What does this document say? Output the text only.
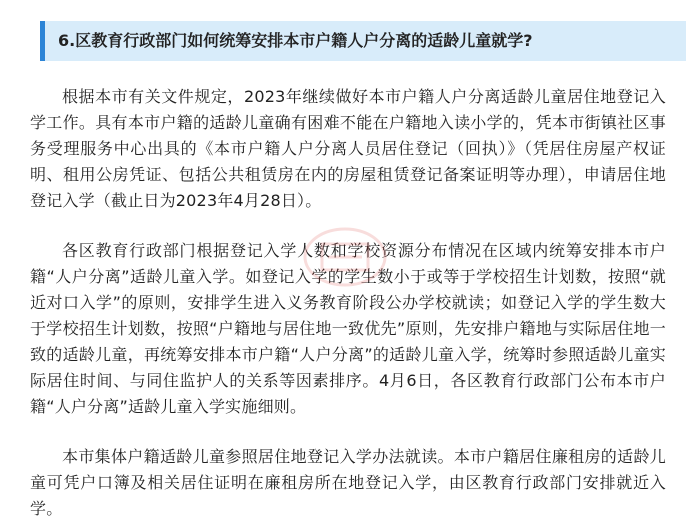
6.区教育行政部门如何统筹安排本市户籍人户分离的适龄儿童就学?

根据本市有关文件规定，2023年继续做好本市户籍人户分离适龄儿童居住地登记入学工作。具有本市户籍的适龄儿童确有困难不能在户籍地入读小学的，凭本市街镇社区事务受理服务中心出具的《本市户籍人户分离人员居住登记（回执）》（凭居住房屋产权证明、租用公房凭证、包括公共租赁房在内的房屋租赁登记备案证明等办理），申请居住地登记入学（截止日为2023年4月28日）。

各区教育行政部门根据登记入学人数和学校资源分布情况在区域内统筹安排本市户籍“人户分离”适龄儿童入学。如登记入学的学生数小于或等于学校招生计划数，按照“就近对口入学”的原则，安排学生进入义务教育阶段公办学校就读；如登记入学的学生数大于学校招生计划数，按照“户籍地与居住地一致优先”原则，先安排户籍地与实际居住地一致的适龄儿童，再统筹安排本市户籍“人户分离”的适龄儿童入学，统筹时参照适龄儿童实际居住时间、与同住监护人的关系等因素排序。4月6日，各区教育行政部门公布本市户籍“人户分离”适龄儿童入学实施细则。

本市集体户籍适龄儿童参照居住地登记入学办法就读。本市户籍居住廉租房的适龄儿童可凭户口簿及相关居住证明在廉租房所在地登记入学，由区教育行政部门安排就近入学。
